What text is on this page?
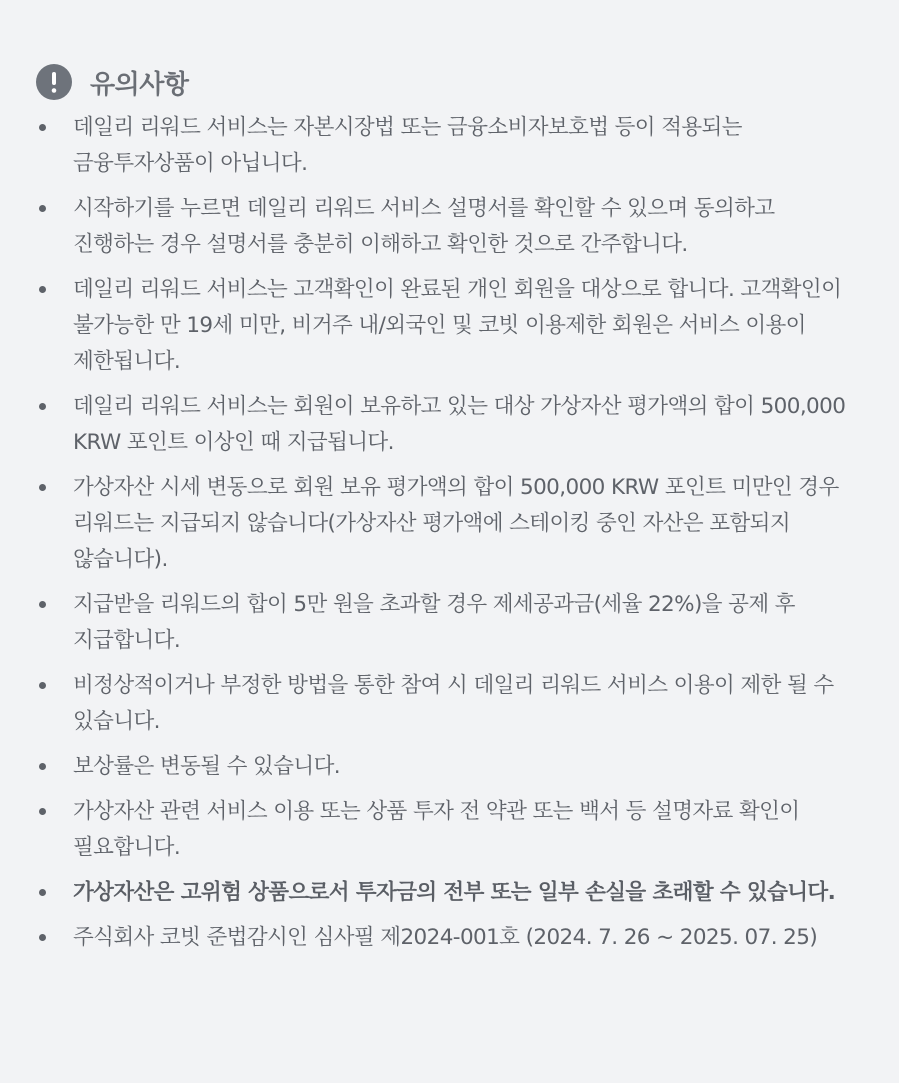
유의사항
데일리 리워드 서비스는 자본시장법 또는 금융소비자보호법 등이 적용되는 금융투자상품이 아닙니다.
시작하기를 누르면 데일리 리워드 서비스 설명서를 확인할 수 있으며 동의하고 진행하는 경우 설명서를 충분히 이해하고 확인한 것으로 간주합니다.
데일리 리워드 서비스는 고객확인이 완료된 개인 회원을 대상으로 합니다. 고객확인이 불가능한 만 19세 미만, 비거주 내/외국인 및 코빗 이용제한 회원은 서비스 이용이 제한됩니다.
데일리 리워드 서비스는 회원이 보유하고 있는 대상 가상자산 평가액의 합이 500,000 KRW 포인트 이상인 때 지급됩니다.
가상자산 시세 변동으로 회원 보유 평가액의 합이 500,000 KRW 포인트 미만인 경우 리워드는 지급되지 않습니다(가상자산 평가액에 스테이킹 중인 자산은 포함되지 않습니다).
지급받을 리워드의 합이 5만 원을 초과할 경우 제세공과금(세율 22%)을 공제 후 지급합니다.
비정상적이거나 부정한 방법을 통한 참여 시 데일리 리워드 서비스 이용이 제한 될 수 있습니다.
보상률은 변동될 수 있습니다.
가상자산 관련 서비스 이용 또는 상품 투자 전 약관 또는 백서 등 설명자료 확인이 필요합니다.
가상자산은 고위험 상품으로서 투자금의 전부 또는 일부 손실을 초래할 수 있습니다.
주식회사 코빗 준법감시인 심사필 제2024-001호 (2024. 7. 26 ~ 2025. 07. 25)
